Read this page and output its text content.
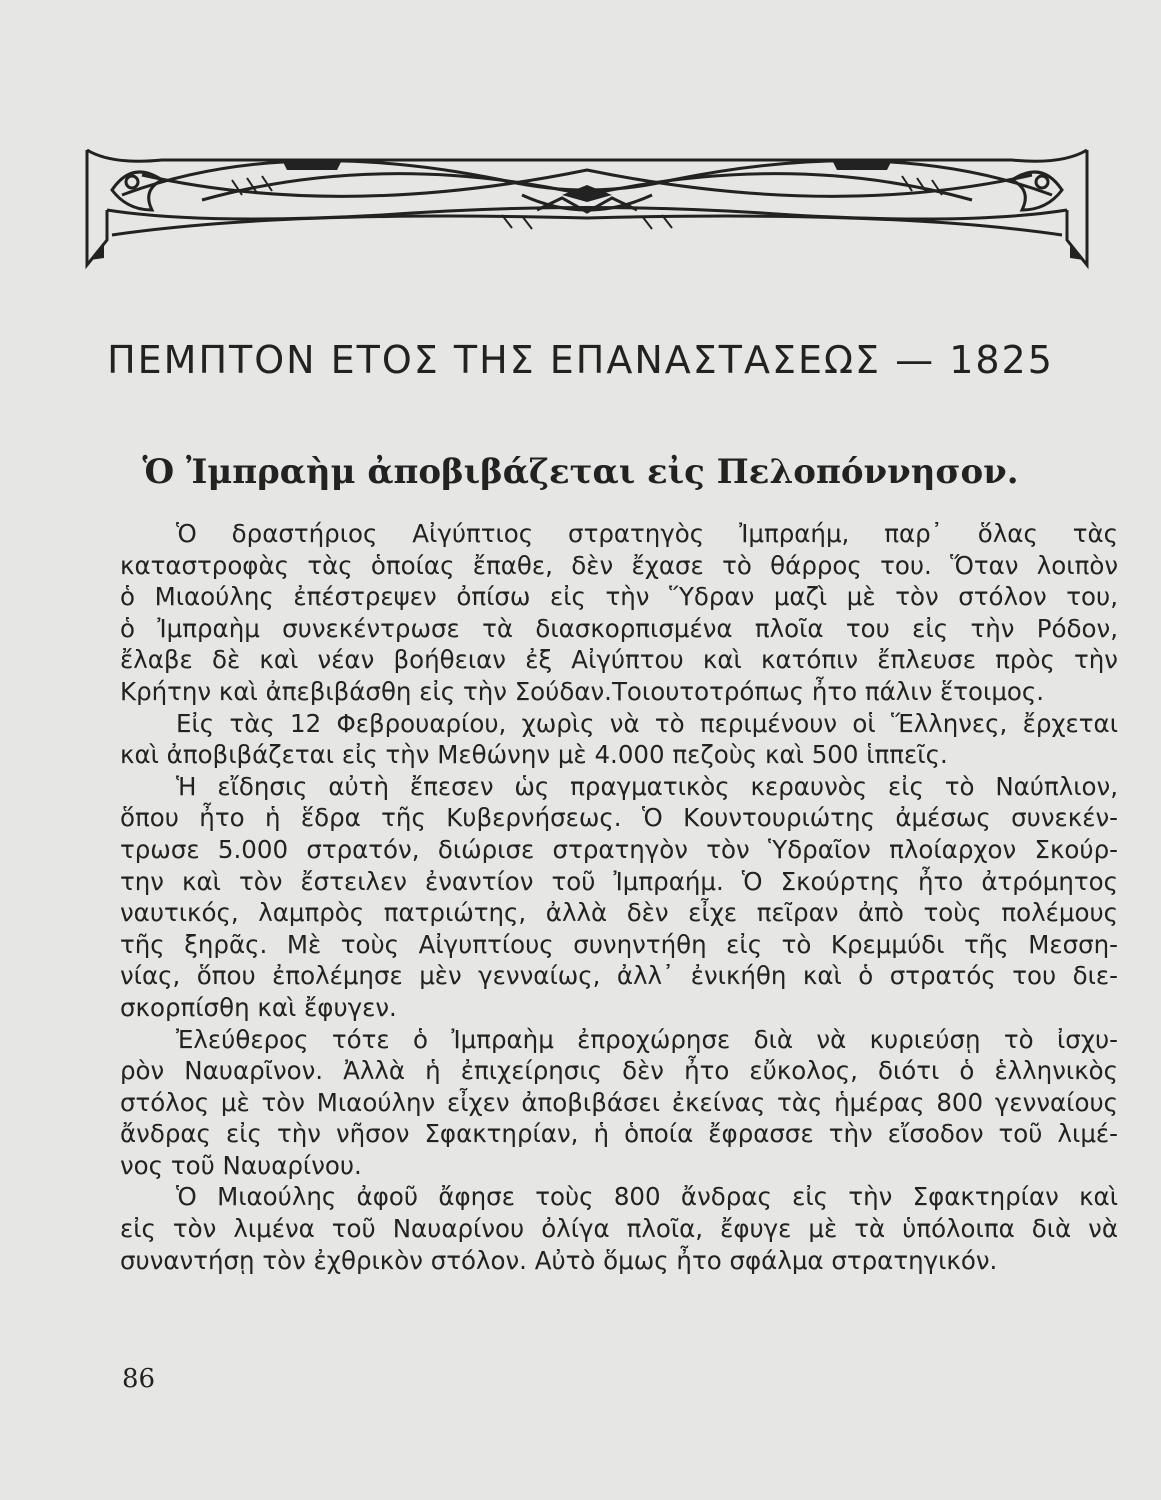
ΠΕΜΠΤΟΝ ΕΤΟΣ ΤΗΣ ΕΠΑΝΑΣΤΑΣΕΩΣ — 1825
Ὁ Ἰμπραὴμ ἀποβιβάζεται εἰς Πελοπόννησον.
Ὁ δραστήριος Αἰγύπτιος στρατηγὸς Ἰμπραήμ, παρ᾽ ὅλας τὰς
καταστροφὰς τὰς ὁποίας ἔπαθε, δὲν ἔχασε τὸ θάρρος του. Ὅταν λοιπὸν
ὁ Μιαούλης ἐπέστρεψεν ὀπίσω εἰς τὴν Ὕδραν μαζὶ μὲ τὸν στόλον του,
ὁ Ἰμπραὴμ συνεκέντρωσε τὰ διασκορπισμένα πλοῖα του εἰς τὴν Ρόδον,
ἔλαβε δὲ καὶ νέαν βοήθειαν ἐξ Αἰγύπτου καὶ κατόπιν ἔπλευσε πρὸς τὴν
Κρήτην καὶ ἀπεβιβάσθη εἰς τὴν Σούδαν.Τοιουτοτρόπως ἦτο πάλιν ἕτοιμος.
Εἰς τὰς 12 Φεβρουαρίου, χωρὶς νὰ τὸ περιμένουν οἱ Ἕλληνες, ἔρχεται
καὶ ἀποβιβάζεται εἰς τὴν Μεθώνην μὲ 4.000 πεζοὺς καὶ 500 ἱππεῖς.
Ἡ εἴδησις αὐτὴ ἔπεσεν ὡς πραγματικὸς κεραυνὸς εἰς τὸ Ναύπλιον,
ὅπου ἦτο ἡ ἕδρα τῆς Κυβερνήσεως. Ὁ Κουντουριώτης ἀμέσως συνεκέν-
τρωσε 5.000 στρατόν, διώρισε στρατηγὸν τὸν Ὑδραῖον πλοίαρχον Σκούρ-
την καὶ τὸν ἔστειλεν ἐναντίον τοῦ Ἰμπραήμ. Ὁ Σκούρτης ἦτο ἀτρόμητος
ναυτικός, λαμπρὸς πατριώτης, ἀλλὰ δὲν εἶχε πεῖραν ἀπὸ τοὺς πολέμους
τῆς ξηρᾶς. Μὲ τοὺς Αἰγυπτίους συνηντήθη εἰς τὸ Κρεμμύδι τῆς Μεσση-
νίας, ὅπου ἐπολέμησε μὲν γενναίως, ἀλλ᾽ ἐνικήθη καὶ ὁ στρατός του διε-
σκορπίσθη καὶ ἔφυγεν.
Ἐλεύθερος τότε ὁ Ἰμπραὴμ ἐπροχώρησε διὰ νὰ κυριεύσῃ τὸ ἰσχυ-
ρὸν Ναυαρῖνον. Ἀλλὰ ἡ ἐπιχείρησις δὲν ἦτο εὔκολος, διότι ὁ ἑλληνικὸς
στόλος μὲ τὸν Μιαούλην εἶχεν ἀποβιβάσει ἐκείνας τὰς ἡμέρας 800 γενναίους
ἄνδρας εἰς τὴν νῆσον Σφακτηρίαν, ἡ ὁποία ἔφρασσε τὴν εἴσοδον τοῦ λιμέ-
νος τοῦ Ναυαρίνου.
Ὁ Μιαούλης ἀφοῦ ἄφησε τοὺς 800 ἄνδρας εἰς τὴν Σφακτηρίαν καὶ
εἰς τὸν λιμένα τοῦ Ναυαρίνου ὀλίγα πλοῖα, ἔφυγε μὲ τὰ ὑπόλοιπα διὰ νὰ
συναντήσῃ τὸν ἐχθρικὸν στόλον. Αὐτὸ ὅμως ἦτο σφάλμα στρατηγικόν.
86
